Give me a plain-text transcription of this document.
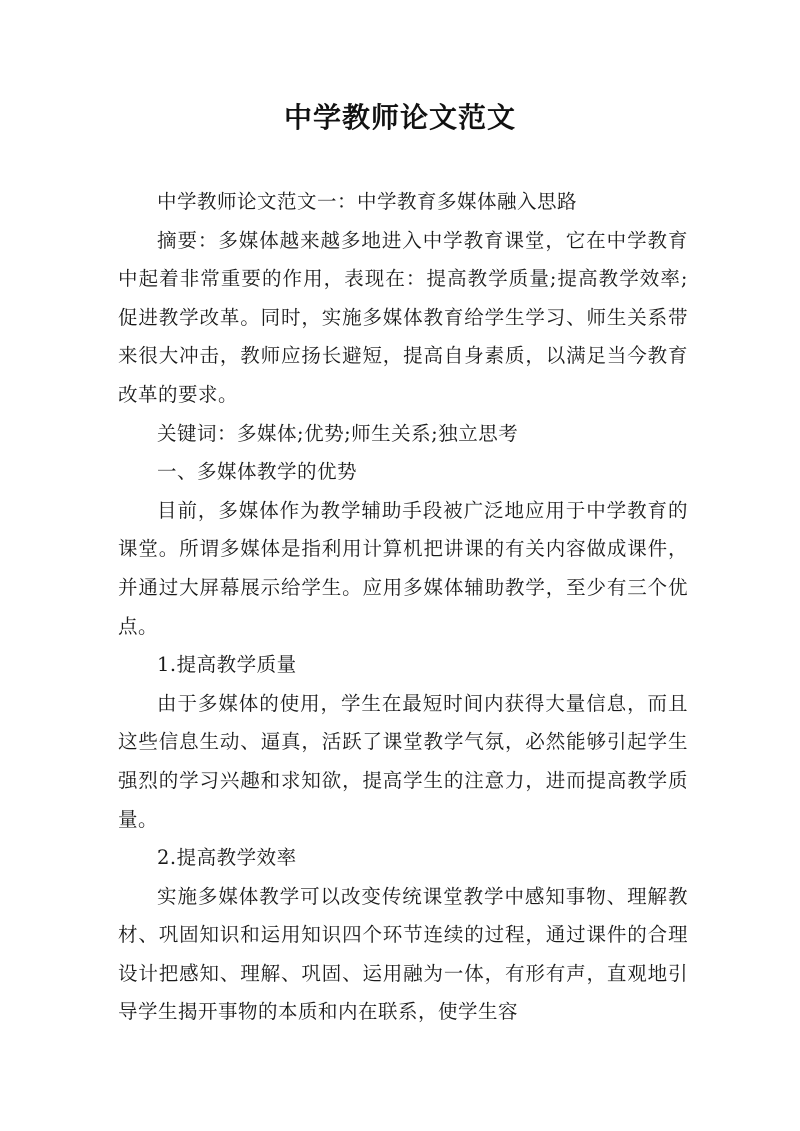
中学教师论文范文

中学教师论文范文一：中学教育多媒体融入思路

摘要：多媒体越来越多地进入中学教育课堂，它在中学教育中起着非常重要的作用，表现在：提高教学质量;提高教学效率;促进教学改革。同时，实施多媒体教育给学生学习、师生关系带来很大冲击，教师应扬长避短，提高自身素质，以满足当今教育改革的要求。

关键词：多媒体;优势;师生关系;独立思考

一、多媒体教学的优势

目前，多媒体作为教学辅助手段被广泛地应用于中学教育的课堂。所谓多媒体是指利用计算机把讲课的有关内容做成课件，并通过大屏幕展示给学生。应用多媒体辅助教学，至少有三个优点。

1.提高教学质量

由于多媒体的使用，学生在最短时间内获得大量信息，而且这些信息生动、逼真，活跃了课堂教学气氛，必然能够引起学生强烈的学习兴趣和求知欲，提高学生的注意力，进而提高教学质量。

2.提高教学效率

实施多媒体教学可以改变传统课堂教学中感知事物、理解教材、巩固知识和运用知识四个环节连续的过程，通过课件的合理设计把感知、理解、巩固、运用融为一体，有形有声，直观地引导学生揭开事物的本质和内在联系，使学生容
